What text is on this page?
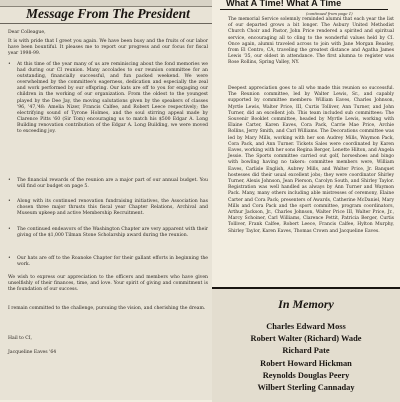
Message From The President

Dear Colleague,

It is with pride that I greet you again. We have been busy and the fruits of our labor have been bountiful. It pleases me to report our progress and our focus for fiscal year 1998-99.

•	At this time of the year many of us are reminiscing about the fond memories we had during our CI reunion. Many accolades to our reunion committee for an outstanding, financially successful, and fun packed weekend. We were overwhelmed by the committee's eagerness, dedication and especially the zeal and work performed by our offspring. Our kats are off to you for engaging our children in the working of our organization. From the oldest to the youngest played by the Dee Jay, the moving salutations given by the speakers of classes '96, '47,'48: Amelia Nizer, Francis Calfee, and Robert Leece respectively; the electrifying sound of Tyrone Holmes, and the soul stirring appeal made by Clarence Pitts '60 (Sir Tom) encouraging us to match his $500 Edgar A. Long Building renovation contribution of the Edgar A. Long Building, we were moved to exceeding joy.
•	The financial rewards of the reunion are a major part of our annual budget. You will find our budget on page 5.
•	Along with its continued renovation fundraising initiatives, the Association has chosen three major thrusts this fiscal year Chapter Relations, Archival and Museum upkeep and active Membership Recruitment.
•	The continued endeavors of the Washington Chapter are very apparent with their giving of the $1,000 Tilman Stone Scholarship award during the reunion.
•	Our hats are off to the Roanoke Chapter for their gallant efforts in beginning the work.

We wish to express our appreciation to the officers and members who have given unselfishly of their finances, time, and love. Your spirit of giving and commitment is the foundation of our success.

I remain committed to the challenge, pursuing the vision, and cherishing the dream.

Hail to CI,

Jacqueline Eaves '64

What A Time! What A Time

(continued from page 1)

The memorial Service solemnly reminded alumni that each year the list of our departed grows a bit longer. The Asbury United Methodist Church Choir and Pastor, John Price rendered a spirited and spiritual service, encouraging all to cling to the wonderful values held by CI. Once again, alumni traveled across to join with Jane Morgan Beasley, from El Centro, CA, traveling the greatest distance and Agatha James Lewis '35, our oldest in attendance. The first alumna to register was Rose Rollins, Spring Valley, NY.

Deepest appreciation goes to all who made this reunion so successful. The Reunion committee, led by Walter Lewis, Sr., and capably supported by committee members: William Eaves, Charles Johnson, Myrtle Lewis, Walter Price, III, Curtis Tolliver, Ann Turner, and John Turner, did an excellent job. This team included sub committees: The Souvenir Booklet committee, headed by Myrtle Lewis, working with Elaine Carter, Karen Eaves, Cora Pack, Carrie Mae Price, Archie Rollins, Jerry Smith, and Carl Williams. The Decorations committee was led by Mary Mills, working with her son Audrey Mills, Waymon Pack, Cora Pack, and Ann Turner. Tickets Sales were coordinated by Karen Eaves, working with her sons Regina Berger, Lenette Hilton, and Angela Jessie. The Sports committee carried out golf, horseshoes and bingo with bowling having no takers: committee members were, William Eaves, Carlisle English, Aubrey Mills, and Walter Price, Jr. Banquet hostesses did their usual excellent jobs; they were coordinator Shirley Turner, Alexis Johnson, Jean Pierson, Carolyn South, and Shirley Taylor. Registration was well handled as always by Ann Turner and Waymon Pack. Many, many others including able mistresses of ceremony, Elaine Carter and Cora Pack; presenters of Awards, Catherine McDaniel, Mary Mills and Cora Pack and the sport committee, program coordinators, Arthur Jackson, Jr., Charles Johnson, Walter Price III, Walter Price, Jr., Marcy Schoiner, Carl Williams, Clarence Pettit, Patricia Berger, Curtis Tolliver, Frank Calfee, Robert Leece, Francis Calfee, Hylton Murphy, Shirley Taylor, Karen Eaves, Thomas Crown and Jacqueline Eaves.

In Memory
Charles Edward Moss
Robert Walter (Richard) Wade
Richard Pate
Robert Howard Hickman
Reynolds Douglas Peery
Wilbert Sterling Cannaday
